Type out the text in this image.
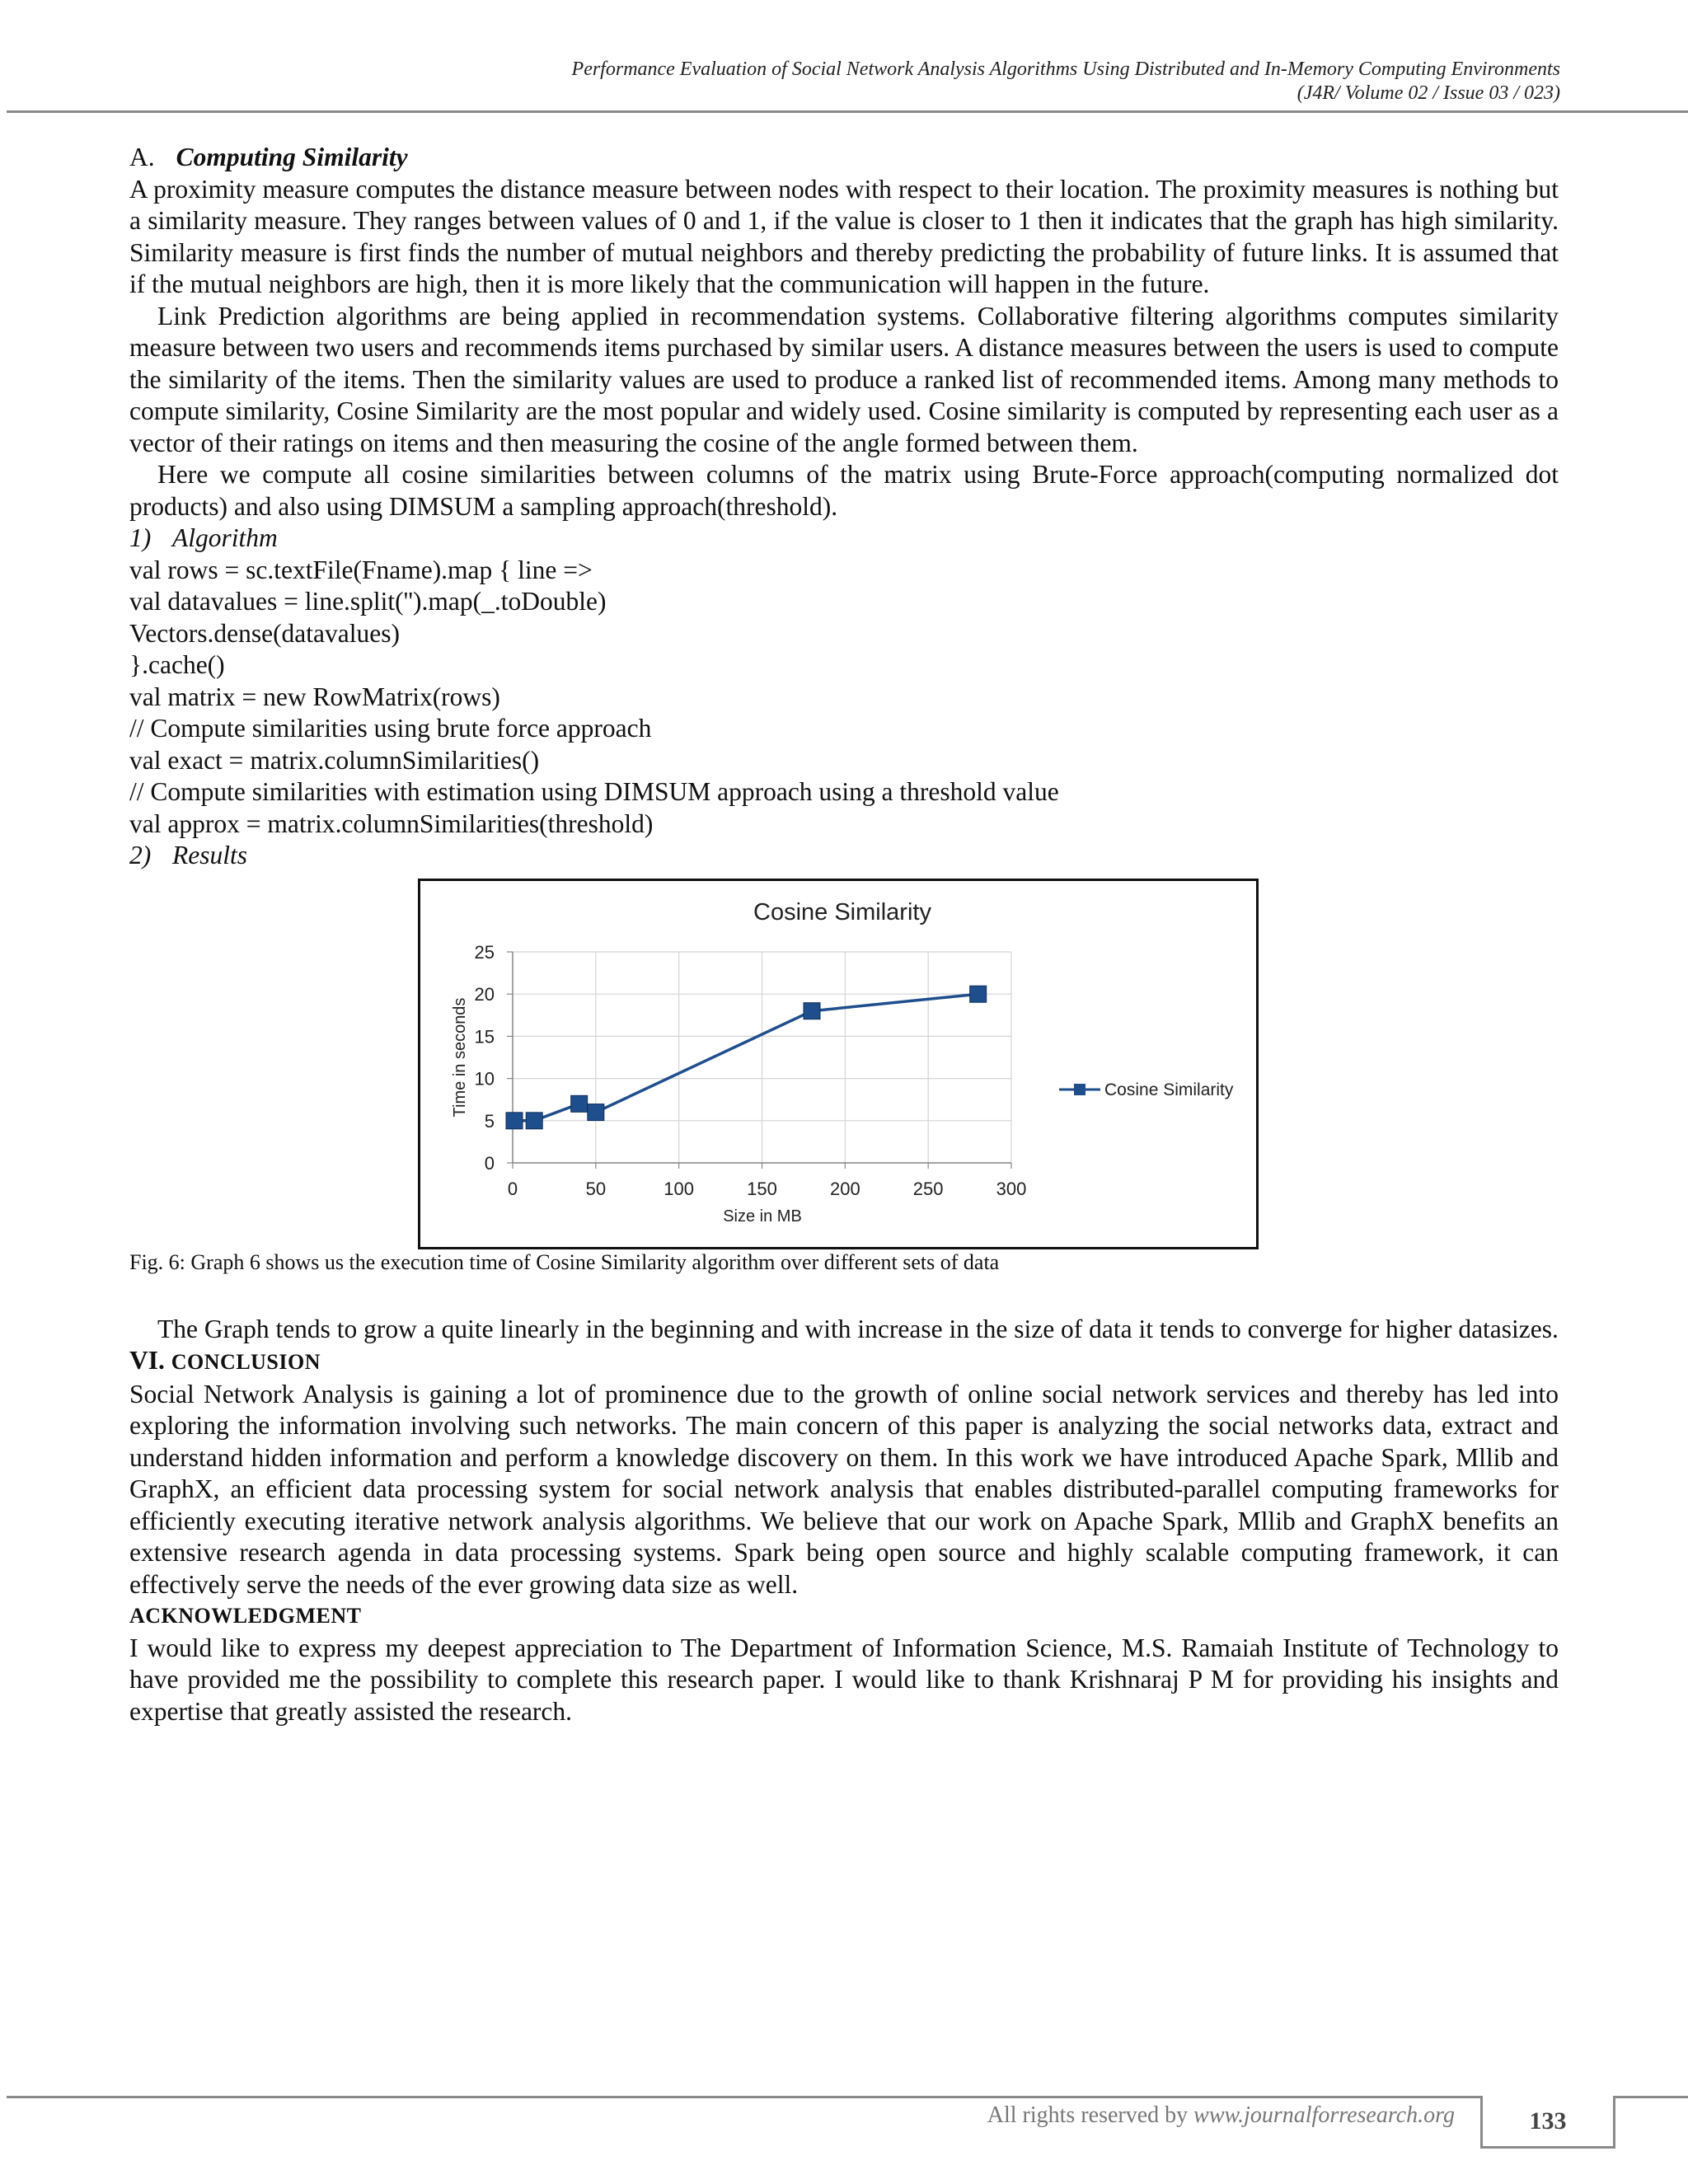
Performance Evaluation of Social Network Analysis Algorithms Using Distributed and In-Memory Computing Environments
(J4R/ Volume 02 / Issue 03 / 023)

A. Computing Similarity

A proximity measure computes the distance measure between nodes with respect to their location. The proximity measures is nothing but a similarity measure. They ranges between values of 0 and 1, if the value is closer to 1 then it indicates that the graph has high similarity. Similarity measure is first finds the number of mutual neighbors and thereby predicting the probability of future links. It is assumed that if the mutual neighbors are high, then it is more likely that the communication will happen in the future.

Link Prediction algorithms are being applied in recommendation systems. Collaborative filtering algorithms computes similarity measure between two users and recommends items purchased by similar users. A distance measures between the users is used to compute the similarity of the items. Then the similarity values are used to produce a ranked list of recommended items. Among many methods to compute similarity, Cosine Similarity are the most popular and widely used. Cosine similarity is computed by representing each user as a vector of their ratings on items and then measuring the cosine of the angle formed between them.

Here we compute all cosine similarities between columns of the matrix using Brute-Force approach(computing normalized dot products) and also using DIMSUM a sampling approach(threshold).

1) Algorithm

val rows = sc.textFile(Fname).map { line =>

val datavalues = line.split('').map(_.toDouble)

Vectors.dense(datavalues)

}.cache()

val matrix = new RowMatrix(rows)

// Compute similarities using brute force approach

val exact = matrix.columnSimilarities()

// Compute similarities with estimation using DIMSUM approach using a threshold value

val approx = matrix.columnSimilarities(threshold)

2) Results

0
5
10
15
20
25
0	50	100	150	200	250	300
Cosine Similarity
Size in MB
Time in seconds	Cosine Similarity

Fig. 6: Graph 6 shows us the execution time of Cosine Similarity algorithm over different sets of data

The Graph tends to grow a quite linearly in the beginning and with increase in the size of data it tends to converge for higher datasizes.

VI. CONCLUSION

Social Network Analysis is gaining a lot of prominence due to the growth of online social network services and thereby has led into exploring the information involving such networks. The main concern of this paper is analyzing the social networks data, extract and understand hidden information and perform a knowledge discovery on them. In this work we have introduced Apache Spark, Mllib and GraphX, an efficient data processing system for social network analysis that enables distributed-parallel computing frameworks for efficiently executing iterative network analysis algorithms. We believe that our work on Apache Spark, Mllib and GraphX benefits an extensive research agenda in data processing systems. Spark being open source and highly scalable computing framework, it can effectively serve the needs of the ever growing data size as well.

ACKNOWLEDGMENT

I would like to express my deepest appreciation to The Department of Information Science, M.S. Ramaiah Institute of Technology to have provided me the possibility to complete this research paper. I would like to thank Krishnaraj P M for providing his insights and expertise that greatly assisted the research.

All rights reserved by www.journalforresearch.org	133
